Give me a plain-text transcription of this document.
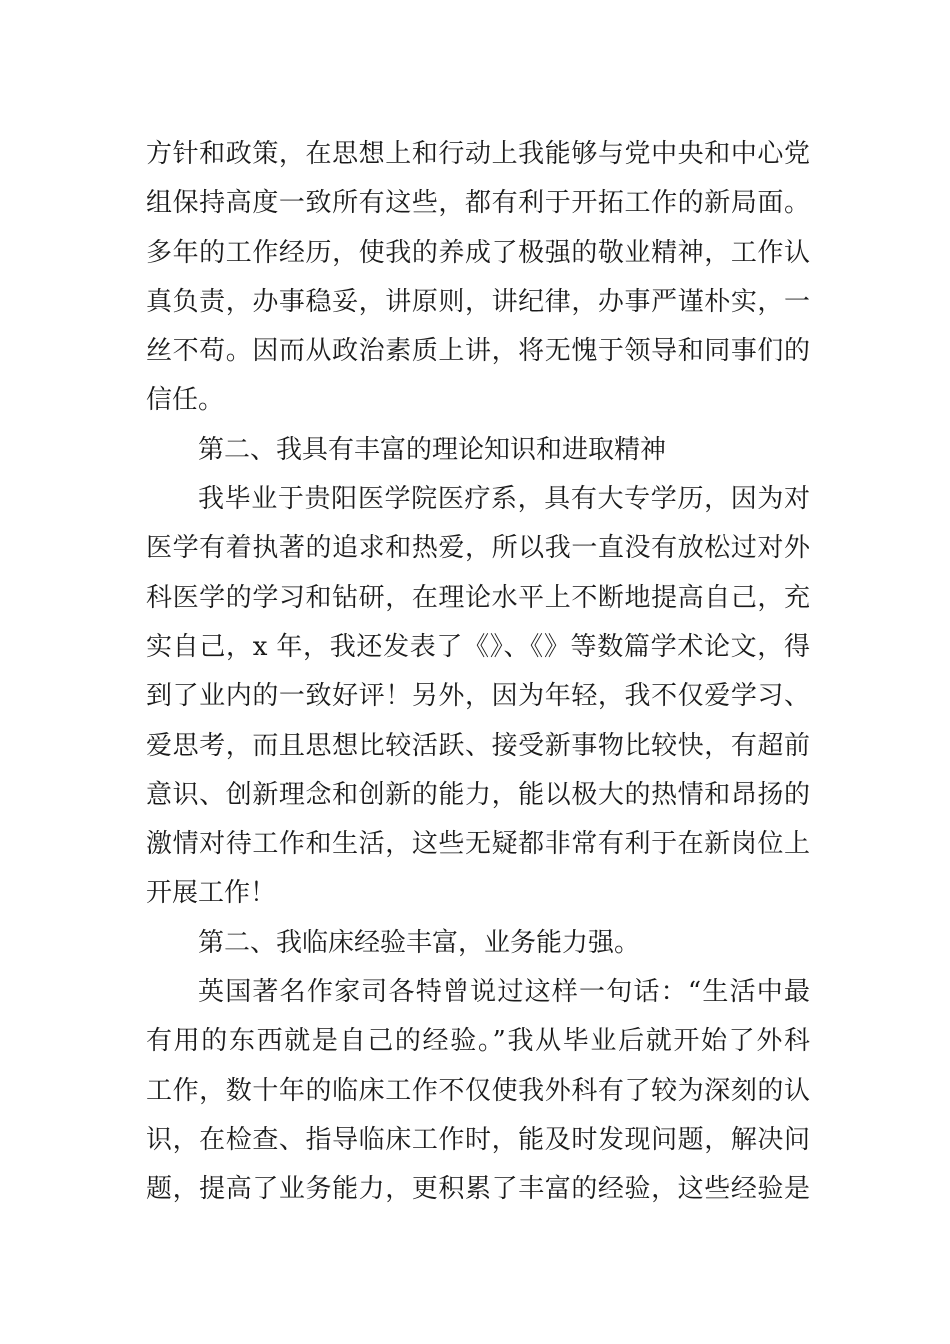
方针和政策，在思想上和行动上我能够与党中央和中心党
组保持高度一致所有这些，都有利于开拓工作的新局面。
多年的工作经历，使我的养成了极强的敬业精神，工作认
真负责，办事稳妥，讲原则，讲纪律，办事严谨朴实，一
丝不苟。因而从政治素质上讲，将无愧于领导和同事们的
信任。
第二、我具有丰富的理论知识和进取精神
我毕业于贵阳医学院医疗系，具有大专学历，因为对
医学有着执著的追求和热爱，所以我一直没有放松过对外
科医学的学习和钻研，在理论水平上不断地提高自己，充
实自己，x 年，我还发表了《》、《》等数篇学术论文，得
到了业内的一致好评！另外，因为年轻，我不仅爱学习、
爱思考，而且思想比较活跃、接受新事物比较快，有超前
意识、创新理念和创新的能力，能以极大的热情和昂扬的
激情对待工作和生活，这些无疑都非常有利于在新岗位上
开展工作！
第二、我临床经验丰富，业务能力强。
英国著名作家司各特曾说过这样一句话：“生活中最
有用的东西就是自己的经验。”我从毕业后就开始了外科
工作，数十年的临床工作不仅使我外科有了较为深刻的认
识，在检查、指导临床工作时，能及时发现问题，解决问
题，提高了业务能力，更积累了丰富的经验，这些经验是
